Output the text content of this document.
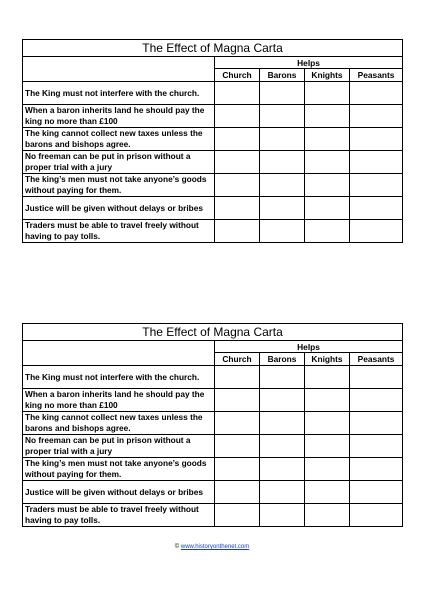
The Effect of Magna Carta				
	Helps			
	Church	Barons	Knights	Peasants
The King must not interfere with the church.				
When a baron inherits land he should pay the king no more than £100				
The king cannot collect new taxes unless the barons and bishops agree.				
No freeman can be put in prison without a proper trial with a jury				
The king’s men must not take anyone’s goods without paying for them.				
Justice will be given without delays or bribes				
Traders must be able to travel freely without having to pay tolls.				
The Effect of Magna Carta				
	Helps			
	Church	Barons	Knights	Peasants
The King must not interfere with the church.				
When a baron inherits land he should pay the king no more than £100				
The king cannot collect new taxes unless the barons and bishops agree.				
No freeman can be put in prison without a proper trial with a jury				
The king’s men must not take anyone’s goods without paying for them.				
Justice will be given without delays or bribes				
Traders must be able to travel freely without having to pay tolls.				
© www.historyonthenet.com
